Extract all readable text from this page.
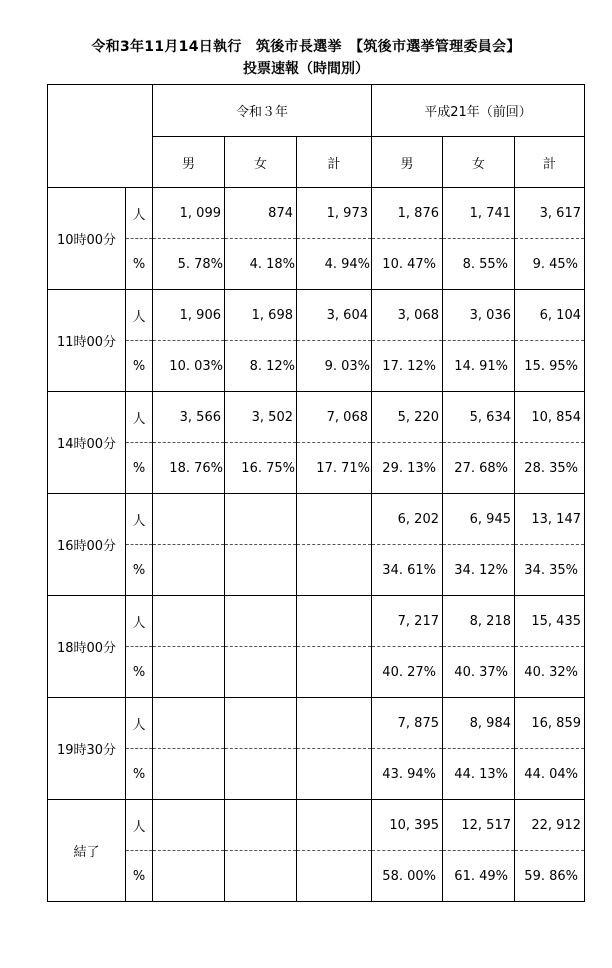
令和3年11月14日執行　筑後市長選挙　【筑後市選挙管理委員会】
投票速報（時間別）
		令和３年			平成21年（前回）		
		男	女	計	男	女	計
10時00分	人	1, 099	874	1, 973	1, 876	1, 741	3, 617
	%	5. 78%	4. 18%	4. 94%	10. 47%	8. 55%	9. 45%
11時00分	人	1, 906	1, 698	3, 604	3, 068	3, 036	6, 104
	%	10. 03%	8. 12%	9. 03%	17. 12%	14. 91%	15. 95%
14時00分	人	3, 566	3, 502	7, 068	5, 220	5, 634	10, 854
	%	18. 76%	16. 75%	17. 71%	29. 13%	27. 68%	28. 35%
16時00分	人				6, 202	6, 945	13, 147
	%				34. 61%	34. 12%	34. 35%
18時00分	人				7, 217	8, 218	15, 435
	%				40. 27%	40. 37%	40. 32%
19時30分	人				7, 875	8, 984	16, 859
	%				43. 94%	44. 13%	44. 04%
結了	人				10, 395	12, 517	22, 912
	%				58. 00%	61. 49%	59. 86%
